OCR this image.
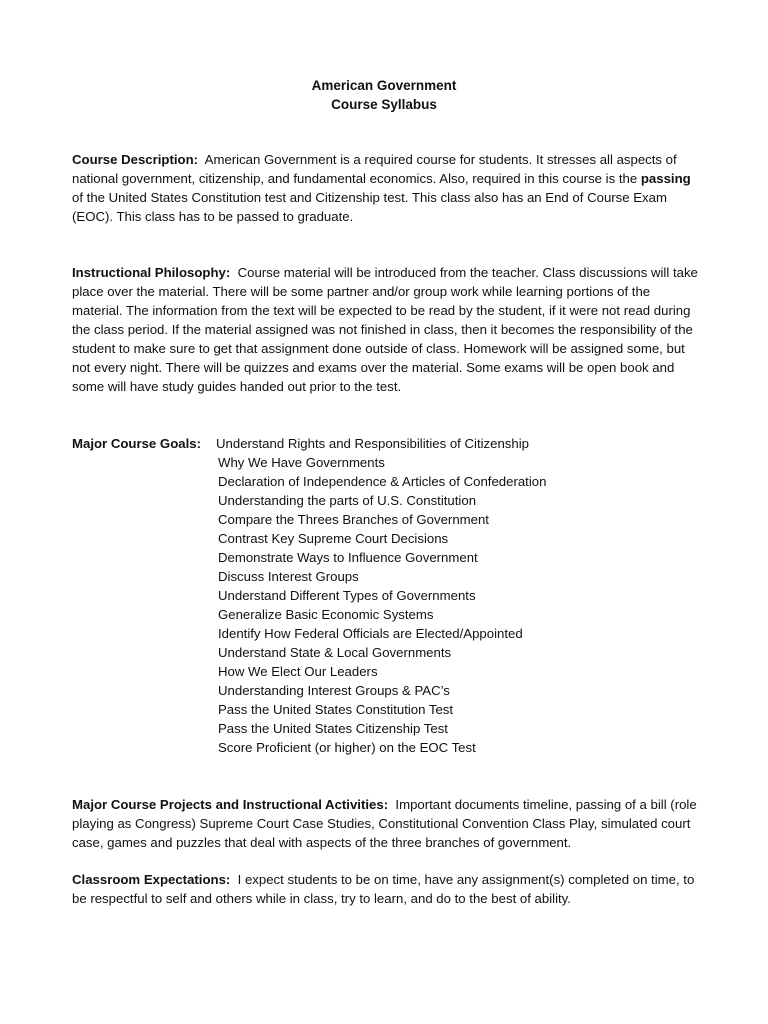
American Government
Course Syllabus
Course Description: American Government is a required course for students. It stresses all aspects of national government, citizenship, and fundamental economics. Also, required in this course is the passing of the United States Constitution test and Citizenship test. This class also has an End of Course Exam (EOC). This class has to be passed to graduate.
Instructional Philosophy: Course material will be introduced from the teacher. Class discussions will take place over the material. There will be some partner and/or group work while learning portions of the material. The information from the text will be expected to be read by the student, if it were not read during the class period. If the material assigned was not finished in class, then it becomes the responsibility of the student to make sure to get that assignment done outside of class. Homework will be assigned some, but not every night. There will be quizzes and exams over the material. Some exams will be open book and some will have study guides handed out prior to the test.
Major Course Goals: Understand Rights and Responsibilities of Citizenship
Why We Have Governments
Declaration of Independence & Articles of Confederation
Understanding the parts of U.S. Constitution
Compare the Threes Branches of Government
Contrast Key Supreme Court Decisions
Demonstrate Ways to Influence Government
Discuss Interest Groups
Understand Different Types of Governments
Generalize Basic Economic Systems
Identify How Federal Officials are Elected/Appointed
Understand State & Local Governments
How We Elect Our Leaders
Understanding Interest Groups & PAC’s
Pass the United States Constitution Test
Pass the United States Citizenship Test
Score Proficient (or higher) on the EOC Test
Major Course Projects and Instructional Activities: Important documents timeline, passing of a bill (role playing as Congress) Supreme Court Case Studies, Constitutional Convention Class Play, simulated court case, games and puzzles that deal with aspects of the three branches of government.
Classroom Expectations: I expect students to be on time, have any assignment(s) completed on time, to be respectful to self and others while in class, try to learn, and do to the best of ability.
